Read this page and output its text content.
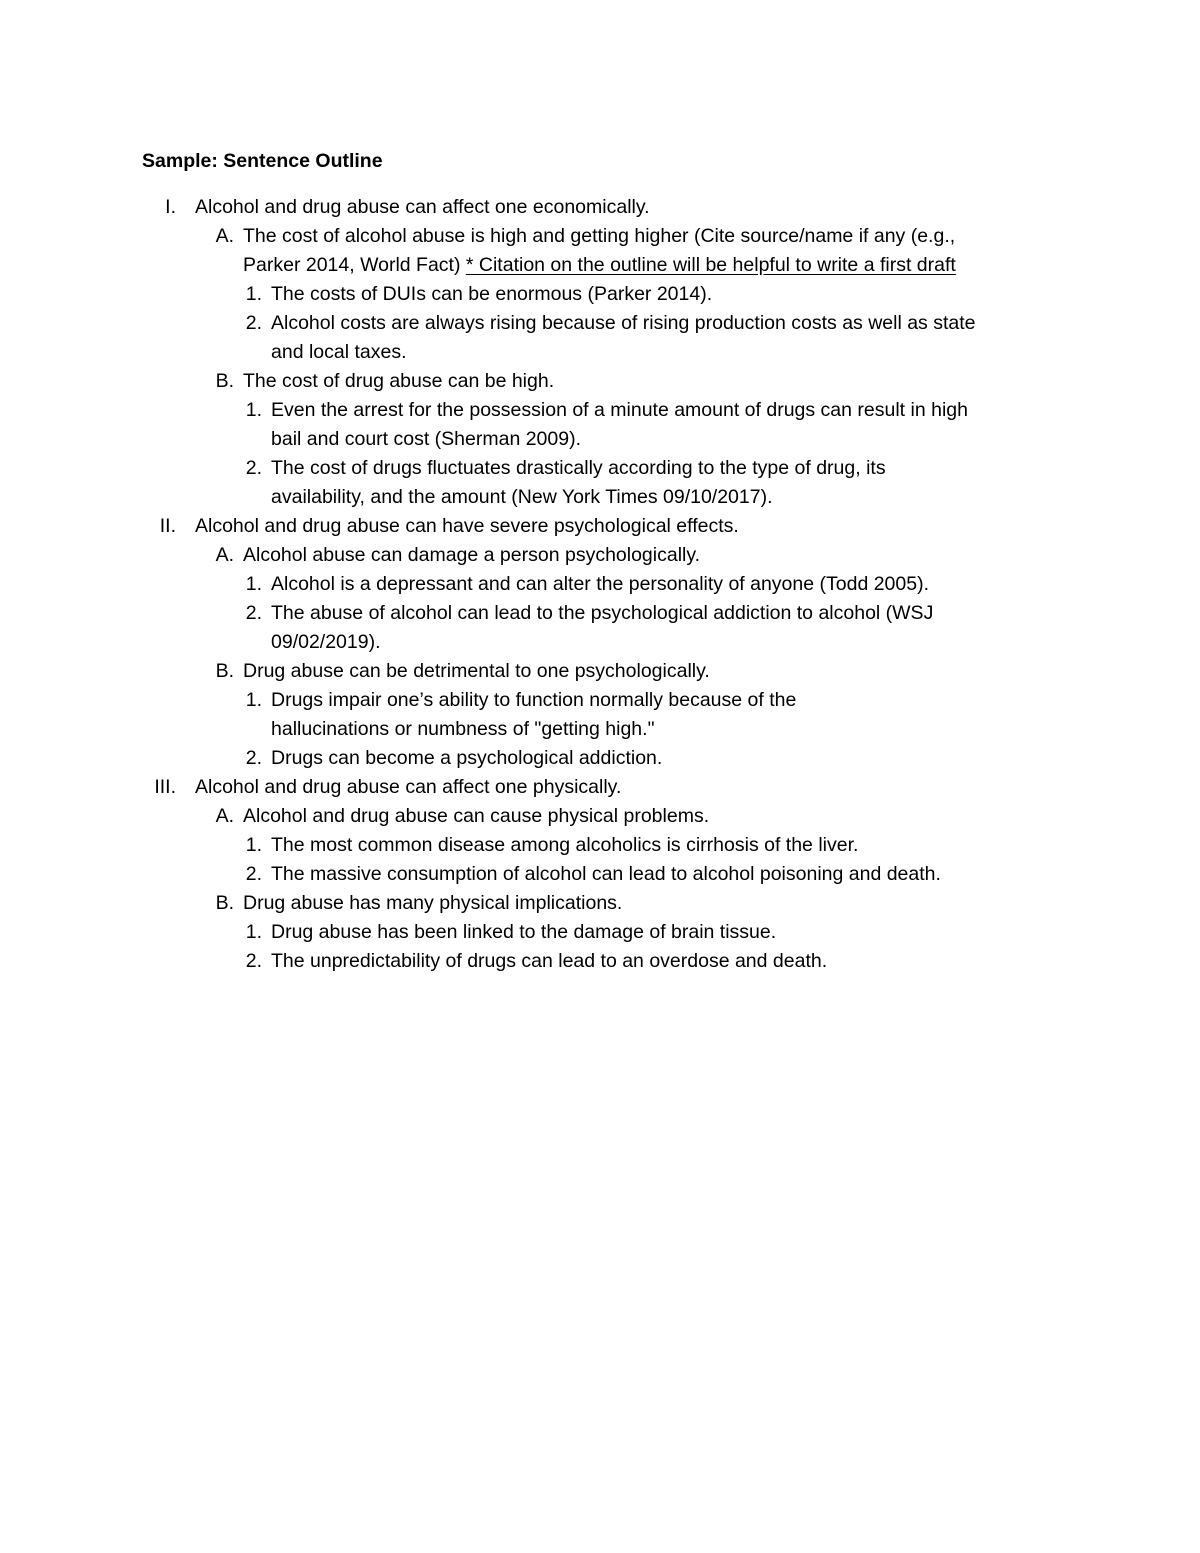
Sample: Sentence Outline
I. Alcohol and drug abuse can affect one economically.
A. The cost of alcohol abuse is high and getting higher (Cite source/name if any (e.g.,
Parker 2014, World Fact) * Citation on the outline will be helpful to write a first draft
1. The costs of DUIs can be enormous (Parker 2014).
2. Alcohol costs are always rising because of rising production costs as well as state
and local taxes.
B. The cost of drug abuse can be high.
1. Even the arrest for the possession of a minute amount of drugs can result in high
bail and court cost (Sherman 2009).
2. The cost of drugs fluctuates drastically according to the type of drug, its
availability, and the amount (New York Times 09/10/2017).
II. Alcohol and drug abuse can have severe psychological effects.
A. Alcohol abuse can damage a person psychologically.
1. Alcohol is a depressant and can alter the personality of anyone (Todd 2005).
2. The abuse of alcohol can lead to the psychological addiction to alcohol (WSJ
09/02/2019).
B. Drug abuse can be detrimental to one psychologically.
1. Drugs impair one’s ability to function normally because of the
hallucinations or numbness of "getting high."
2. Drugs can become a psychological addiction.
III. Alcohol and drug abuse can affect one physically.
A. Alcohol and drug abuse can cause physical problems.
1. The most common disease among alcoholics is cirrhosis of the liver.
2. The massive consumption of alcohol can lead to alcohol poisoning and death.
B. Drug abuse has many physical implications.
1. Drug abuse has been linked to the damage of brain tissue.
2. The unpredictability of drugs can lead to an overdose and death.
